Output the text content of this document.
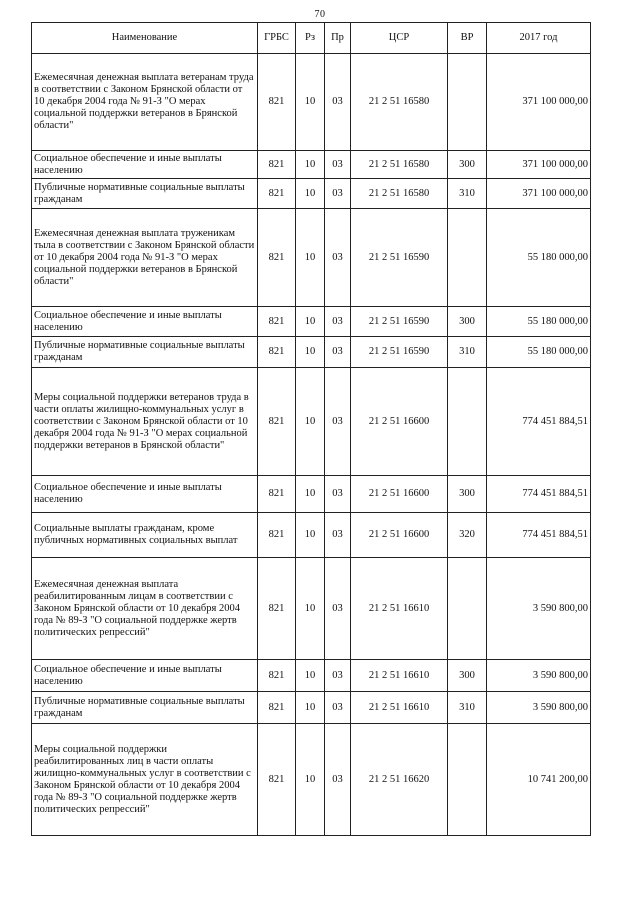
70
Наименование	ГРБС	Рз	Пр	ЦСР	ВР	2017 год
Ежемесячная денежная выплата ветеранам труда в соответствии с Законом Брянской области от 10 декабря 2004 года № 91-З "О мерах социальной поддержки ветеранов в Брянской области"	821	10	03	21 2 51 16580		371 100 000,00
Социальное обеспечение и иные выплаты населению	821	10	03	21 2 51 16580	300	371 100 000,00
Публичные нормативные социальные выплаты гражданам	821	10	03	21 2 51 16580	310	371 100 000,00
Ежемесячная денежная выплата труженикам тыла в соответствии с Законом Брянской области от 10 декабря 2004 года № 91-З "О мерах социальной поддержки ветеранов в Брянской области"	821	10	03	21 2 51 16590		55 180 000,00
Социальное обеспечение и иные выплаты населению	821	10	03	21 2 51 16590	300	55 180 000,00
Публичные нормативные социальные выплаты гражданам	821	10	03	21 2 51 16590	310	55 180 000,00
Меры социальной поддержки ветеранов труда в части оплаты жилищно-коммунальных услуг в соответствии с Законом Брянской области от 10 декабря 2004 года № 91-З "О мерах социальной поддержки ветеранов в Брянской области"	821	10	03	21 2 51 16600		774 451 884,51
Социальное обеспечение и иные выплаты населению	821	10	03	21 2 51 16600	300	774 451 884,51
Социальные выплаты гражданам, кроме публичных нормативных социальных выплат	821	10	03	21 2 51 16600	320	774 451 884,51
Ежемесячная денежная выплата реабилитированным лицам в соответствии с Законом Брянской области от 10 декабря 2004 года № 89-З "О социальной поддержке жертв политических репрессий"	821	10	03	21 2 51 16610		3 590 800,00
Социальное обеспечение и иные выплаты населению	821	10	03	21 2 51 16610	300	3 590 800,00
Публичные нормативные социальные выплаты гражданам	821	10	03	21 2 51 16610	310	3 590 800,00
Меры социальной поддержки реабилитированных лиц в части оплаты жилищно-коммунальных услуг в соответствии с Законом Брянской области от 10 декабря 2004 года № 89-З "О социальной поддержке жертв политических репрессий"	821	10	03	21 2 51 16620		10 741 200,00
